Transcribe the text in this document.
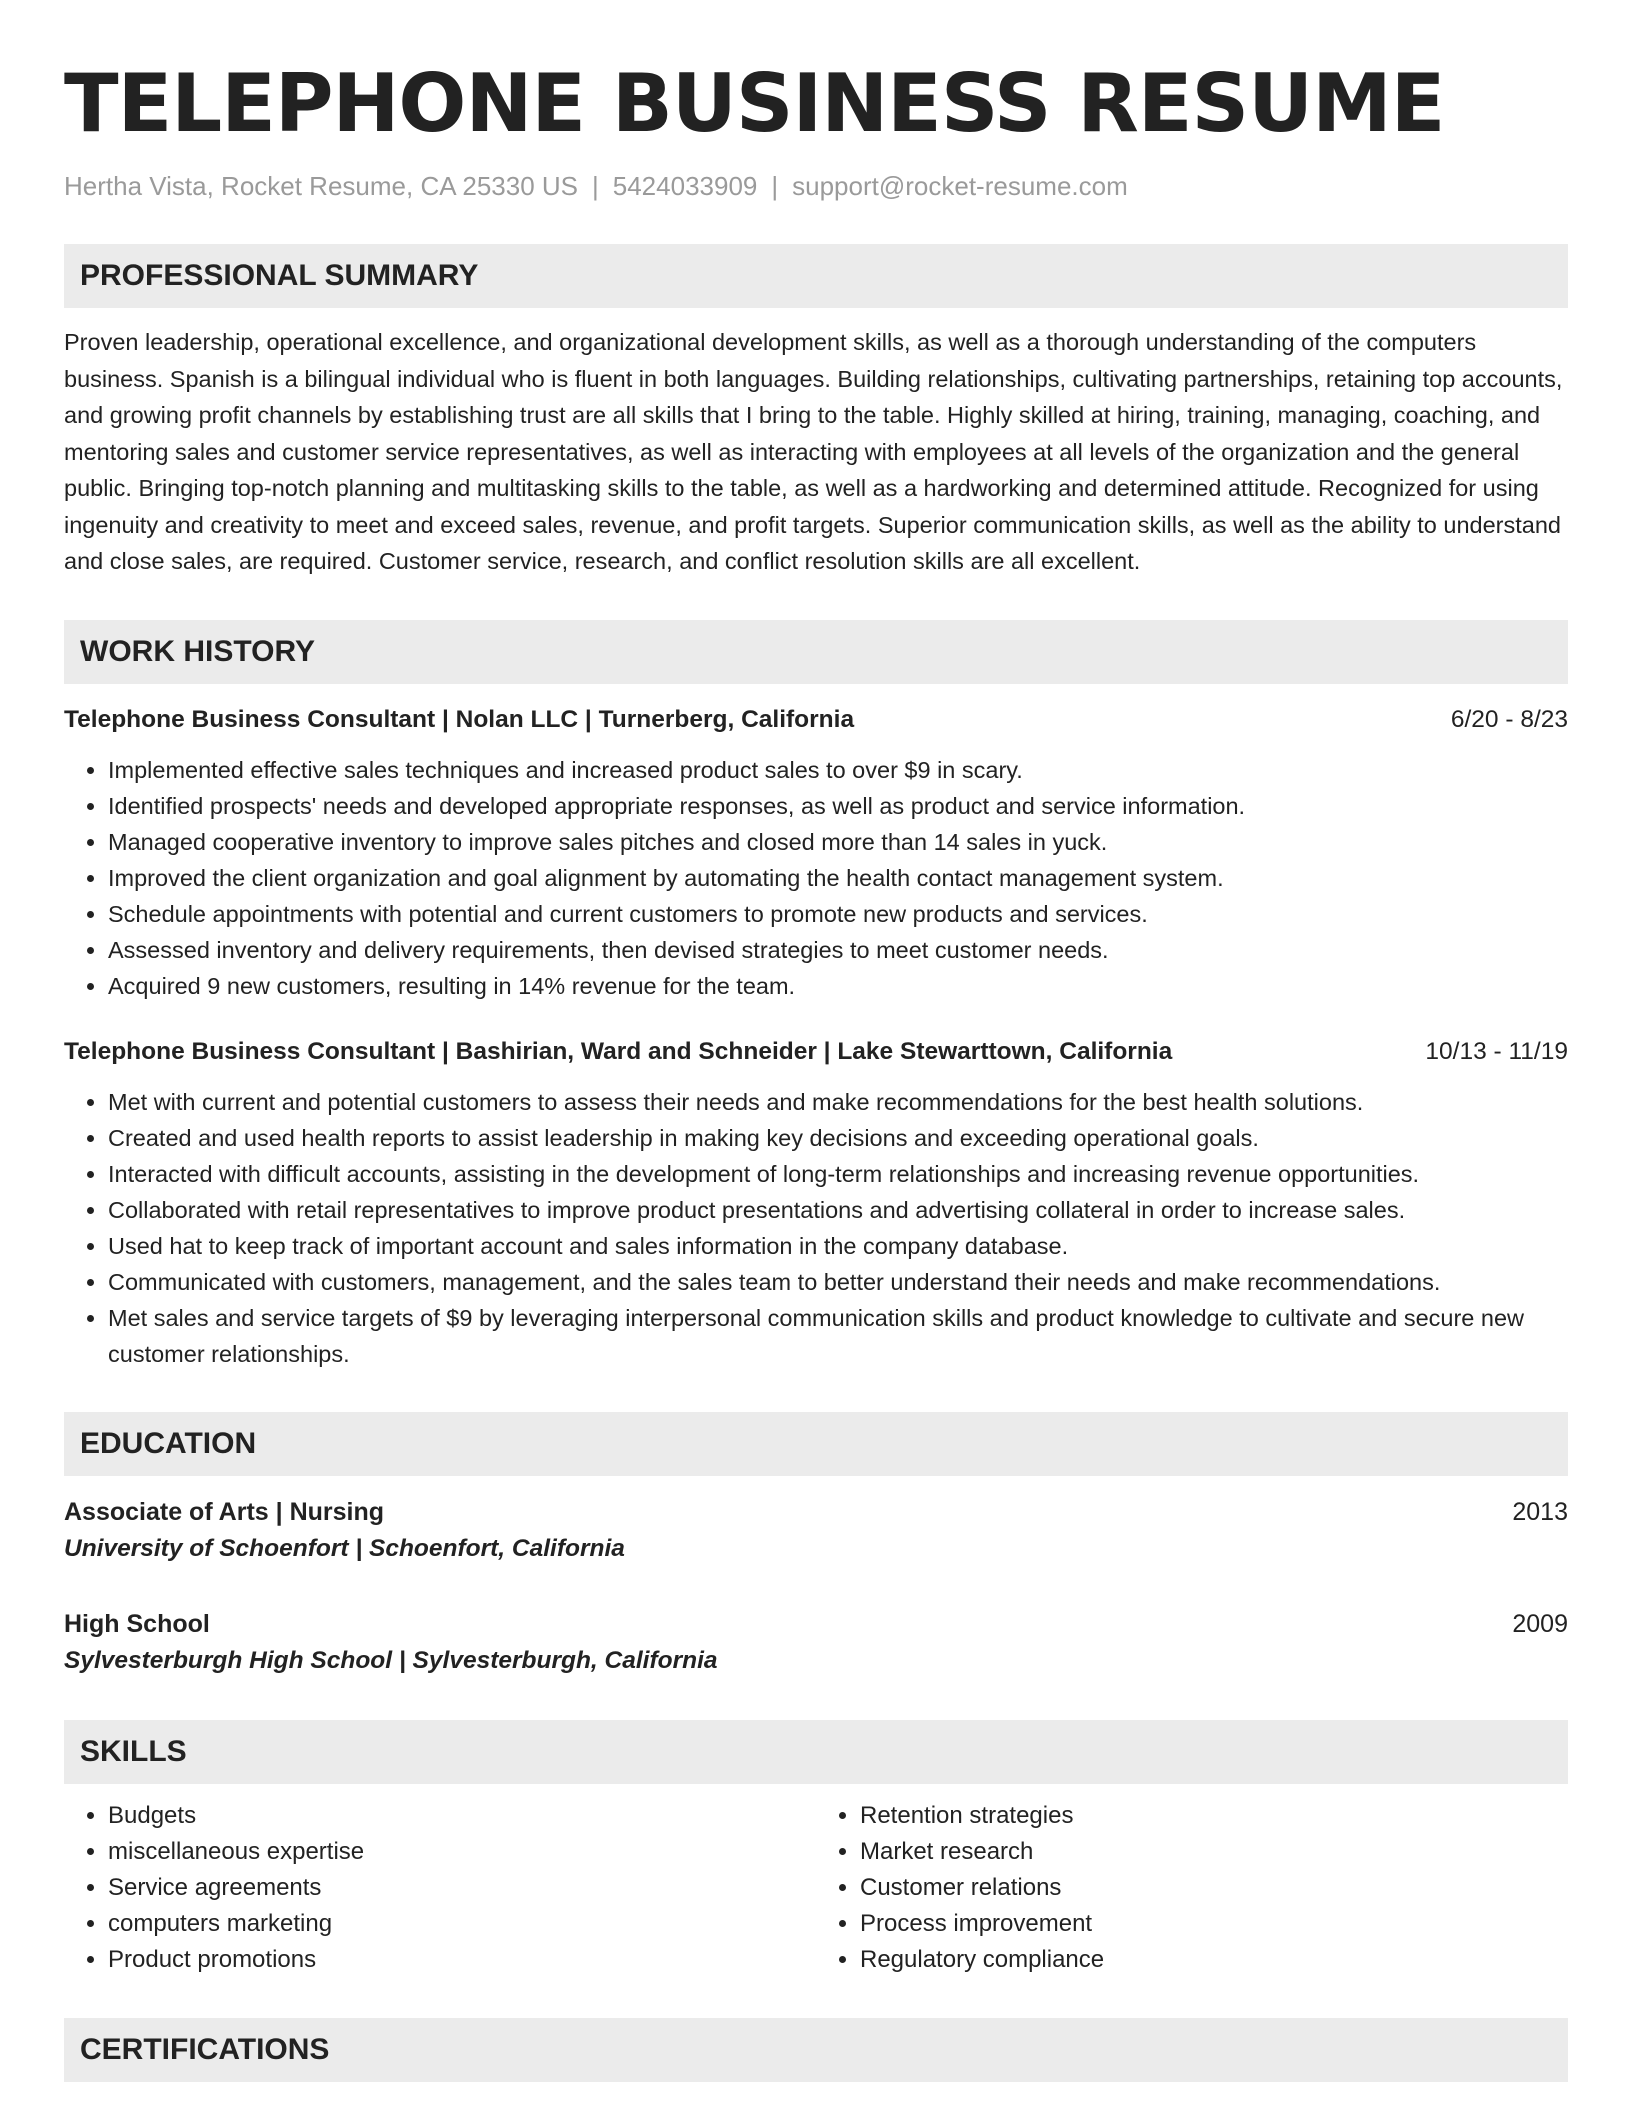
TELEPHONE BUSINESS RESUME
Hertha Vista, Rocket Resume, CA 25330 US | 5424033909 | support@rocket-resume.com
PROFESSIONAL SUMMARY
Proven leadership, operational excellence, and organizational development skills, as well as a thorough understanding of the computers business. Spanish is a bilingual individual who is fluent in both languages. Building relationships, cultivating partnerships, retaining top accounts, and growing profit channels by establishing trust are all skills that I bring to the table. Highly skilled at hiring, training, managing, coaching, and mentoring sales and customer service representatives, as well as interacting with employees at all levels of the organization and the general public. Bringing top-notch planning and multitasking skills to the table, as well as a hardworking and determined attitude. Recognized for using ingenuity and creativity to meet and exceed sales, revenue, and profit targets. Superior communication skills, as well as the ability to understand and close sales, are required. Customer service, research, and conflict resolution skills are all excellent.
WORK HISTORY
Telephone Business Consultant | Nolan LLC | Turnerberg, California	6/20 - 8/23
• Implemented effective sales techniques and increased product sales to over $9 in scary.
• Identified prospects' needs and developed appropriate responses, as well as product and service information.
• Managed cooperative inventory to improve sales pitches and closed more than 14 sales in yuck.
• Improved the client organization and goal alignment by automating the health contact management system.
• Schedule appointments with potential and current customers to promote new products and services.
• Assessed inventory and delivery requirements, then devised strategies to meet customer needs.
• Acquired 9 new customers, resulting in 14% revenue for the team.
Telephone Business Consultant | Bashirian, Ward and Schneider | Lake Stewarttown, California	10/13 - 11/19
• Met with current and potential customers to assess their needs and make recommendations for the best health solutions.
• Created and used health reports to assist leadership in making key decisions and exceeding operational goals.
• Interacted with difficult accounts, assisting in the development of long-term relationships and increasing revenue opportunities.
• Collaborated with retail representatives to improve product presentations and advertising collateral in order to increase sales.
• Used hat to keep track of important account and sales information in the company database.
• Communicated with customers, management, and the sales team to better understand their needs and make recommendations.
• Met sales and service targets of $9 by leveraging interpersonal communication skills and product knowledge to cultivate and secure new customer relationships.
EDUCATION
Associate of Arts | Nursing	2013
University of Schoenfort | Schoenfort, California
High School	2009
Sylvesterburgh High School | Sylvesterburgh, California
SKILLS
• Budgets
• miscellaneous expertise
• Service agreements
• computers marketing
• Product promotions
• Retention strategies
• Market research
• Customer relations
• Process improvement
• Regulatory compliance
CERTIFICATIONS
